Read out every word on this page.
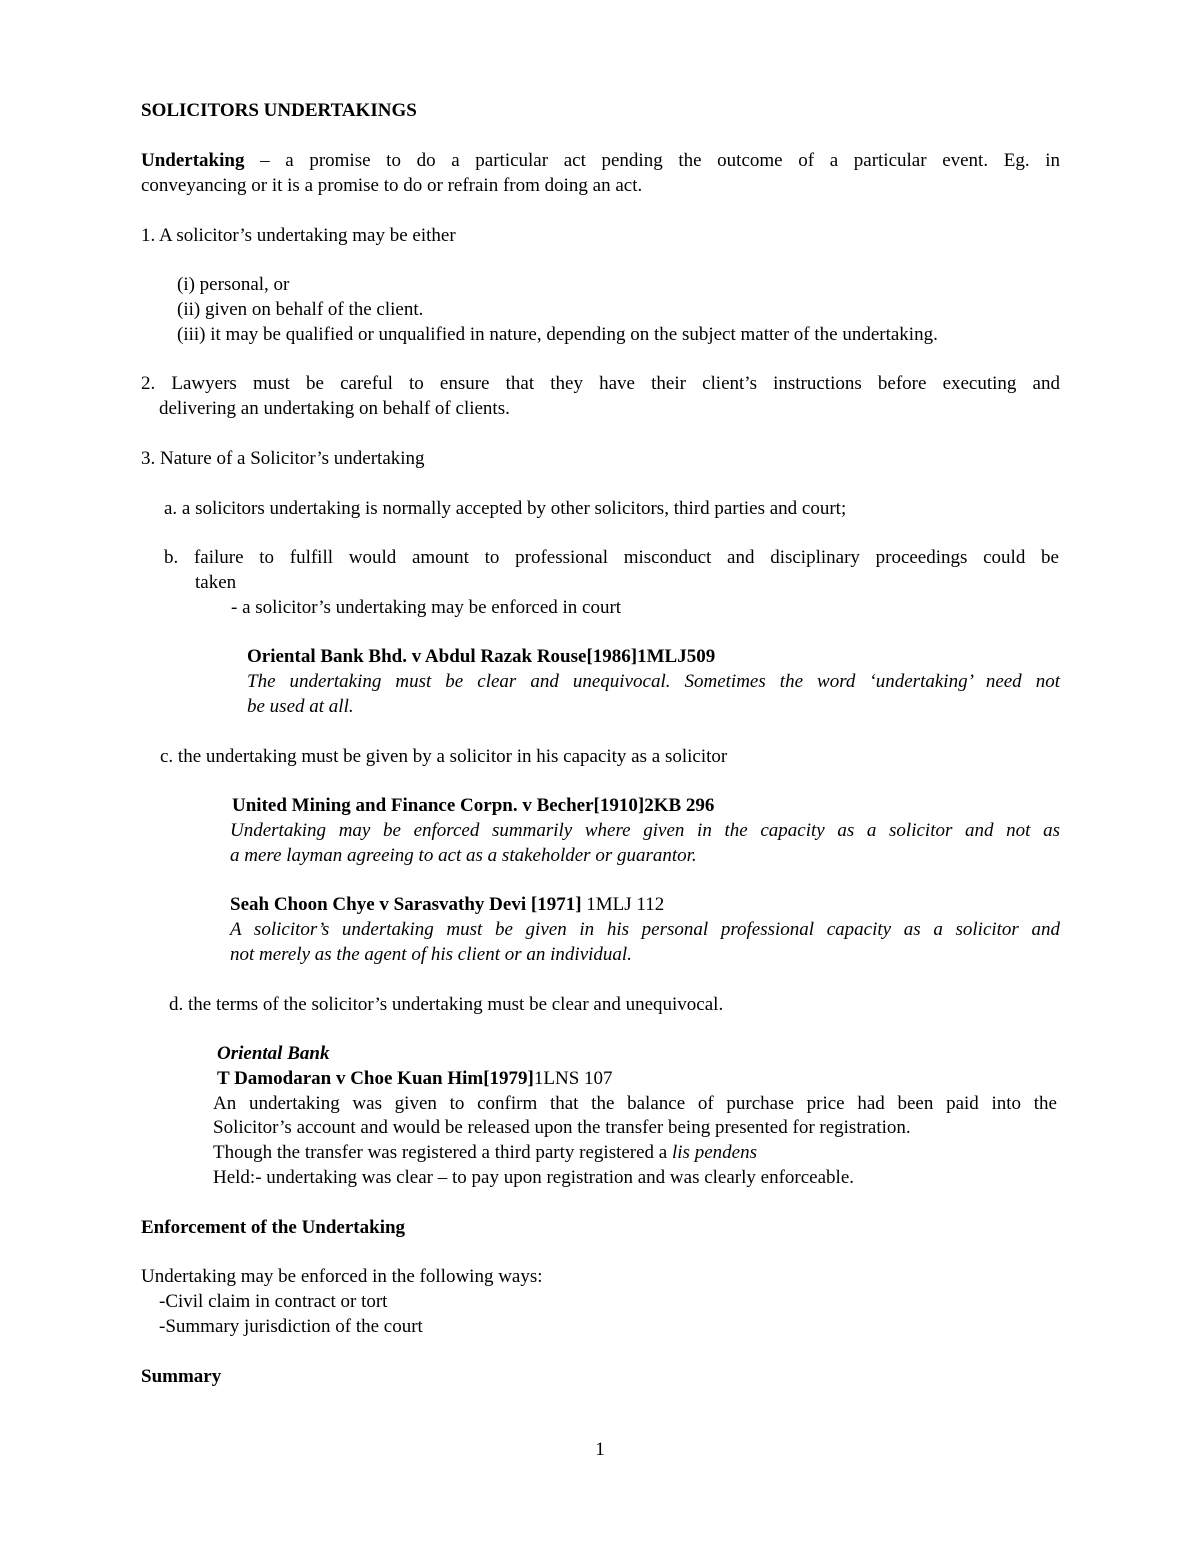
SOLICITORS UNDERTAKINGS
Undertaking – a promise to do a particular act pending the outcome of a particular event. Eg. in
conveyancing or it is a promise to do or refrain from doing an act.
1. A solicitor’s undertaking may be either
(i) personal, or
(ii) given on behalf of the client.
(iii) it may be qualified or unqualified in nature, depending on the subject matter of the undertaking.
2. Lawyers must be careful to ensure that they have their client’s instructions before executing and
delivering an undertaking on behalf of clients.
3. Nature of a Solicitor’s undertaking
a. a solicitors undertaking is normally accepted by other solicitors, third parties and court;
b. failure to fulfill would amount to professional misconduct and disciplinary proceedings could be
taken
- a solicitor’s undertaking may be enforced in court
Oriental Bank Bhd. v Abdul Razak Rouse[1986]1MLJ509
The undertaking must be clear and unequivocal. Sometimes the word ‘undertaking’ need not
be used at all.
c. the undertaking must be given by a solicitor in his capacity as a solicitor
United Mining and Finance Corpn. v Becher[1910]2KB 296
Undertaking may be enforced summarily where given in the capacity as a solicitor and not as
a mere layman agreeing to act as a stakeholder or guarantor.
Seah Choon Chye v Sarasvathy Devi [1971] 1MLJ 112
A solicitor’s undertaking must be given in his personal professional capacity as a solicitor and
not merely as the agent of his client or an individual.
d. the terms of the solicitor’s undertaking must be clear and unequivocal.
Oriental Bank
T Damodaran v Choe Kuan Him[1979]1LNS 107
An undertaking was given to confirm that the balance of purchase price had been paid into the
Solicitor’s account and would be released upon the transfer being presented for registration.
Though the transfer was registered a third party registered a lis pendens
Held:- undertaking was clear – to pay upon registration and was clearly enforceable.
Enforcement of the Undertaking
Undertaking may be enforced in the following ways:
-Civil claim in contract or tort
-Summary jurisdiction of the court
Summary
1
